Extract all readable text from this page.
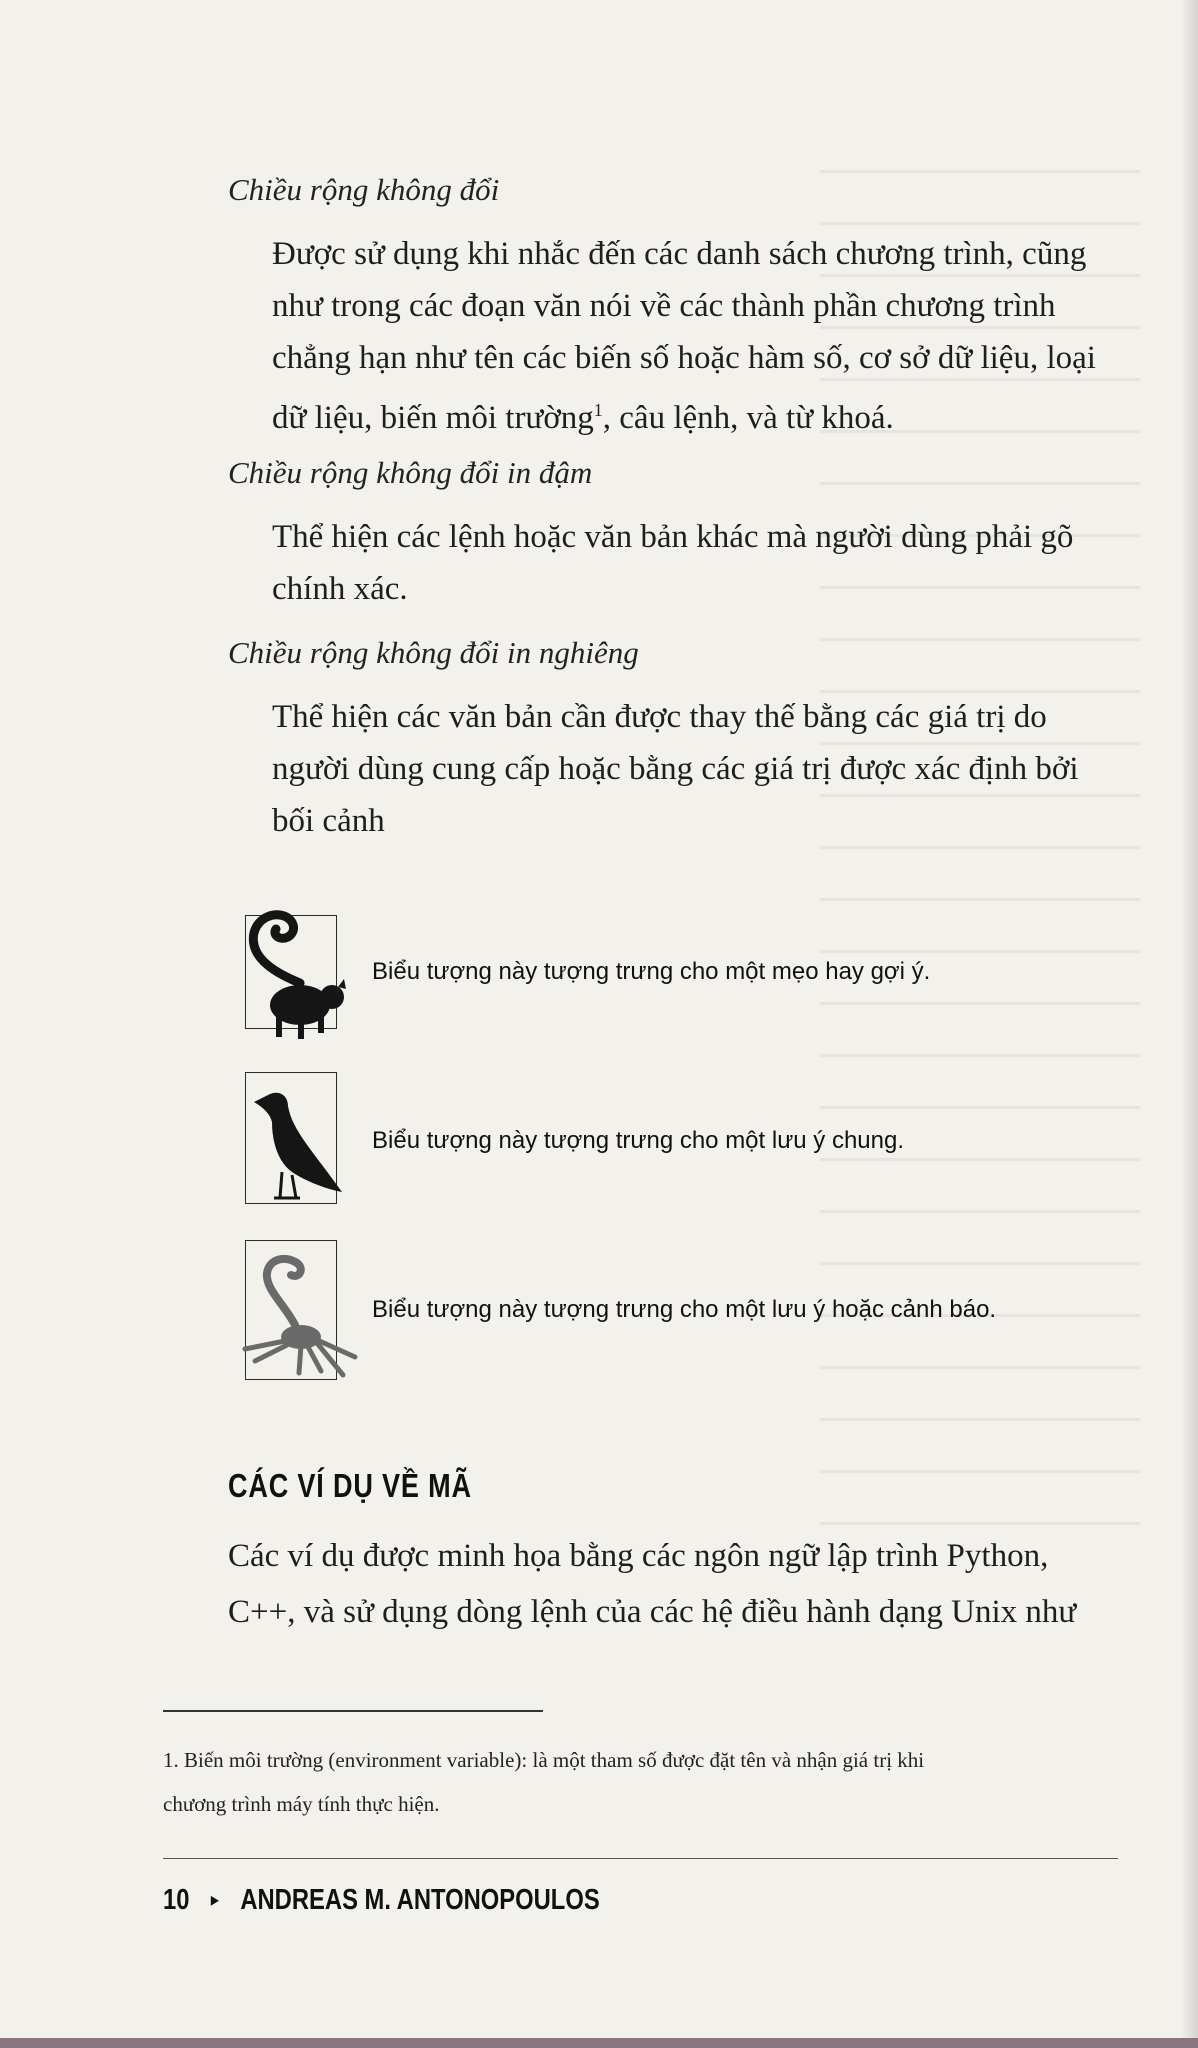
Chiều rộng không đổi
Được sử dụng khi nhắc đến các danh sách chương trình, cũng
như trong các đoạn văn nói về các thành phần chương trình
chẳng hạn như tên các biến số hoặc hàm số, cơ sở dữ liệu, loại
dữ liệu, biến môi trường$^1$, câu lệnh, và từ khoá.
Chiều rộng không đổi in đậm
Thể hiện các lệnh hoặc văn bản khác mà người dùng phải gõ
chính xác.
Chiều rộng không đổi in nghiêng
Thể hiện các văn bản cần được thay thế bằng các giá trị do
người dùng cung cấp hoặc bằng các giá trị được xác định bởi
bối cảnh
Biểu tượng này tượng trưng cho một mẹo hay gợi ý.
Biểu tượng này tượng trưng cho một lưu ý chung.
Biểu tượng này tượng trưng cho một lưu ý hoặc cảnh báo.
CÁC VÍ DỤ VỀ MÃ
Các ví dụ được minh họa bằng các ngôn ngữ lập trình Python,
C++, và sử dụng dòng lệnh của các hệ điều hành dạng Unix như
1. Biến môi trường (environment variable): là một tham số được đặt tên và nhận giá trị khi
chương trình máy tính thực hiện.
10 ▸ ANDREAS M. ANTONOPOULOS
